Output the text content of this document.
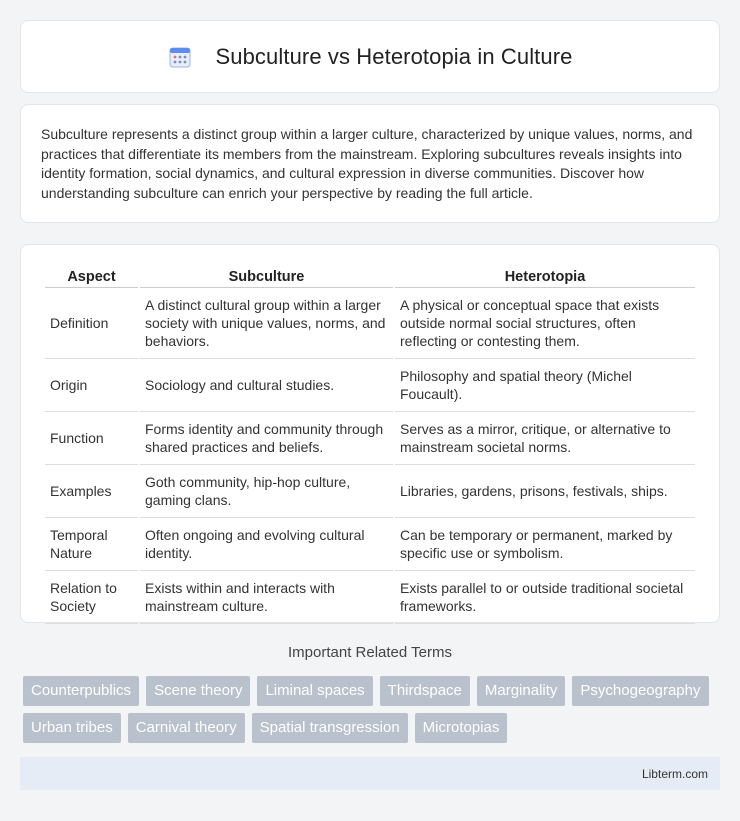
Subculture vs Heterotopia in Culture

Subculture represents a distinct group within a larger culture, characterized by unique values, norms, and practices that differentiate its members from the mainstream. Exploring subcultures reveals insights into identity formation, social dynamics, and cultural expression in diverse communities. Discover how understanding subculture can enrich your perspective by reading the full article.

Aspect	Subculture	Heterotopia
Definition	A distinct cultural group within a larger society with unique values, norms, and behaviors.	A physical or conceptual space that exists outside normal social structures, often reflecting or contesting them.
Origin	Sociology and cultural studies.	Philosophy and spatial theory (Michel Foucault).
Function	Forms identity and community through shared practices and beliefs.	Serves as a mirror, critique, or alternative to mainstream societal norms.
Examples	Goth community, hip-hop culture, gaming clans.	Libraries, gardens, prisons, festivals, ships.
Temporal Nature	Often ongoing and evolving cultural identity.	Can be temporary or permanent, marked by specific use or symbolism.
Relation to Society	Exists within and interacts with mainstream culture.	Exists parallel to or outside traditional societal frameworks.
Important Related Terms
Counterpublics	Scene theory	Liminal spaces	Thirdspace	Marginality	Psychogeography
Urban tribes	Carnival theory	Spatial transgression	Microtopias
Libterm.com
